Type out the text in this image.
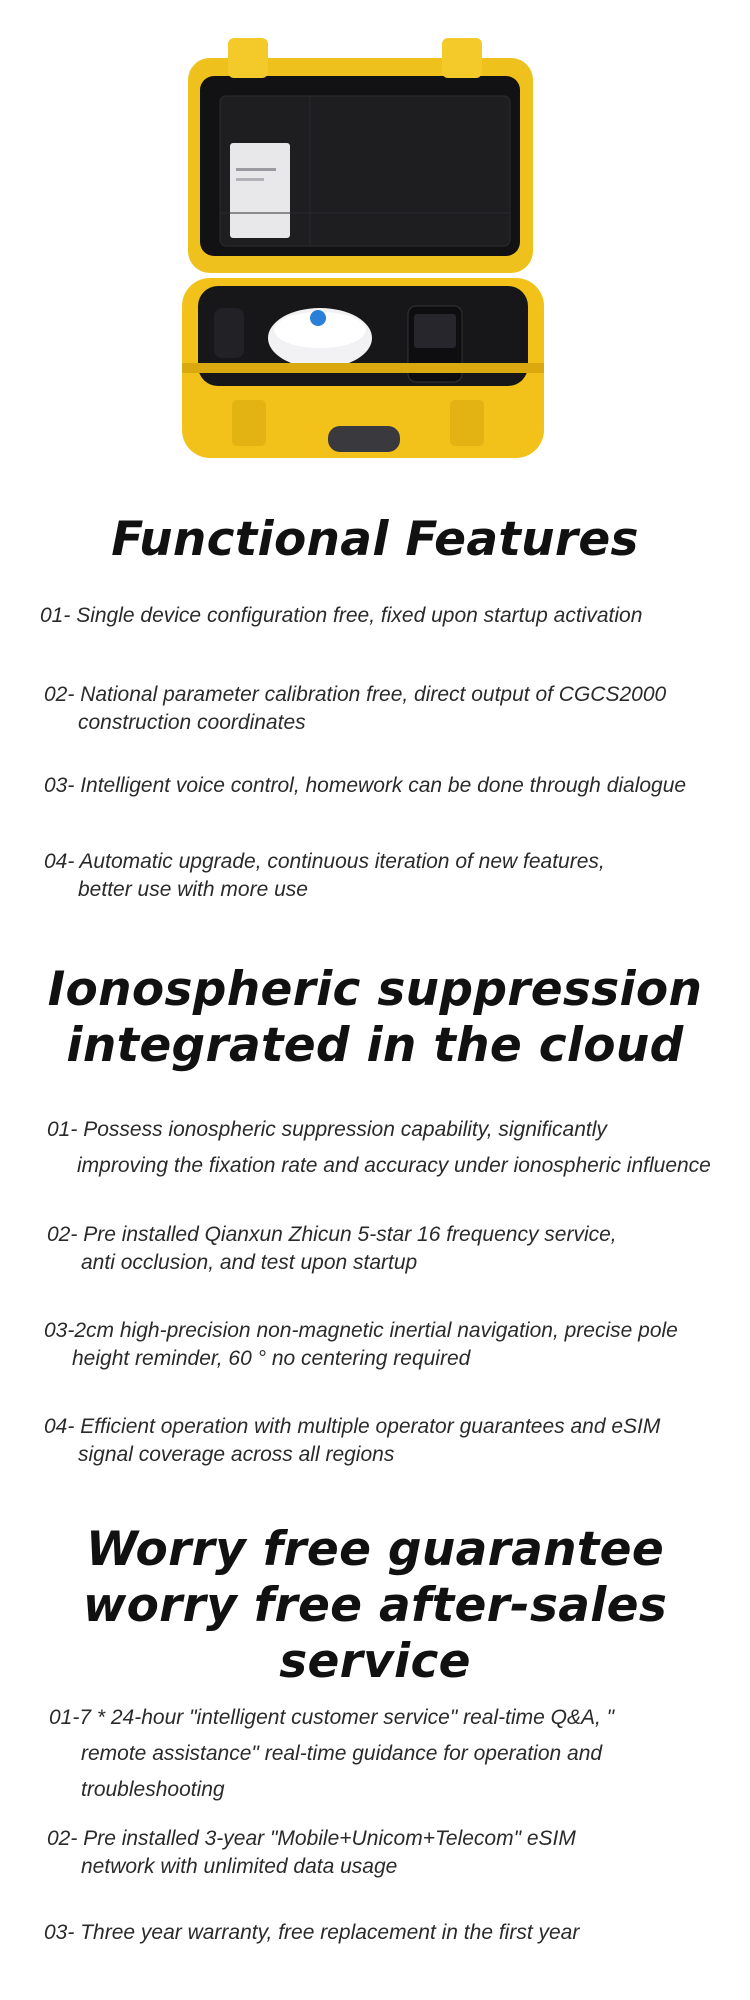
Functional Features
01- Single device configuration free, fixed upon startup activation
02- National parameter calibration free, direct output of CGCS2000
construction coordinates
03- Intelligent voice control, homework can be done through dialogue
04- Automatic upgrade, continuous iteration of new features,
better use with more use
Ionospheric suppression
integrated in the cloud
01- Possess ionospheric suppression capability, significantly
improving the fixation rate and accuracy under ionospheric influence
02- Pre installed Qianxun Zhicun 5-star 16 frequency service,
anti occlusion, and test upon startup
03-2cm high-precision non-magnetic inertial navigation, precise pole
height reminder, 60 ° no centering required
04- Efficient operation with multiple operator guarantees and eSIM
signal coverage across all regions
Worry free guarantee
worry free after-sales service
01-7 * 24-hour "intelligent customer service" real-time Q&A, "
remote assistance" real-time guidance for operation and
troubleshooting
02- Pre installed 3-year "Mobile+Unicom+Telecom" eSIM
network with unlimited data usage
03- Three year warranty, free replacement in the first year
